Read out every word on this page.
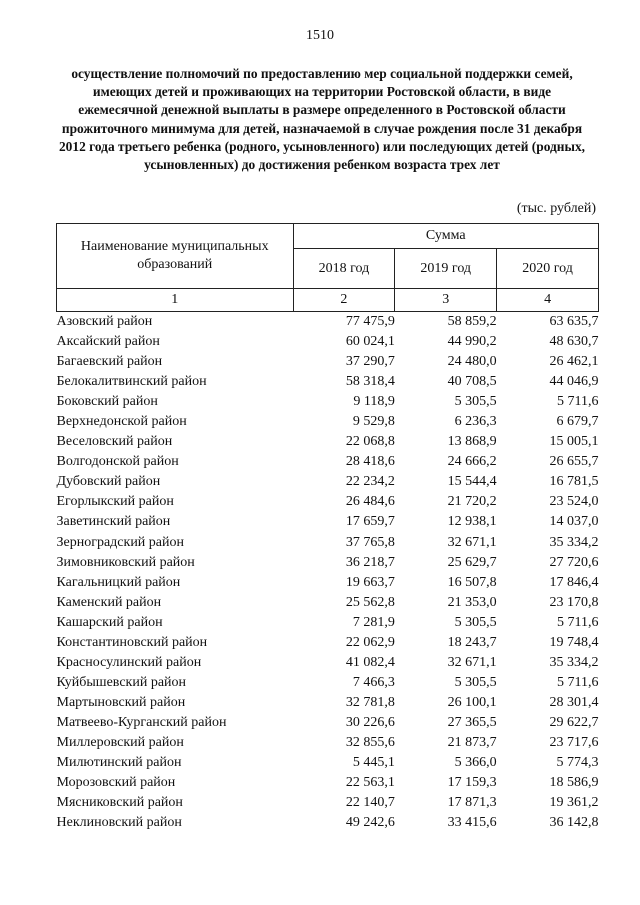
1510
осуществление полномочий по предоставлению мер социальной поддержки семей, имеющих детей и проживающих на территории Ростовской области, в виде ежемесячной денежной выплаты в размере определенного в Ростовской области прожиточного минимума для детей, назначаемой в случае рождения после 31 декабря 2012 года третьего ребенка (родного, усыновленного) или последующих детей (родных, усыновленных) до достижения ребенком возраста трех лет
(тыс. рублей)
Наименование муниципальных образований	Сумма		
	2018 год	2019 год	2020 год
1	2	3	4
Азовский район	77 475,9	58 859,2	63 635,7
Аксайский район	60 024,1	44 990,2	48 630,7
Багаевский район	37 290,7	24 480,0	26 462,1
Белокалитвинский район	58 318,4	40 708,5	44 046,9
Боковский район	9 118,9	5 305,5	5 711,6
Верхнедонской район	9 529,8	6 236,3	6 679,7
Веселовский район	22 068,8	13 868,9	15 005,1
Волгодонской район	28 418,6	24 666,2	26 655,7
Дубовский район	22 234,2	15 544,4	16 781,5
Егорлыкский район	26 484,6	21 720,2	23 524,0
Заветинский район	17 659,7	12 938,1	14 037,0
Зерноградский район	37 765,8	32 671,1	35 334,2
Зимовниковский район	36 218,7	25 629,7	27 720,6
Кагальницкий район	19 663,7	16 507,8	17 846,4
Каменский район	25 562,8	21 353,0	23 170,8
Кашарский район	7 281,9	5 305,5	5 711,6
Константиновский район	22 062,9	18 243,7	19 748,4
Красносулинский район	41 082,4	32 671,1	35 334,2
Куйбышевский район	7 466,3	5 305,5	5 711,6
Мартыновский район	32 781,8	26 100,1	28 301,4
Матвеево-Курганский район	30 226,6	27 365,5	29 622,7
Миллеровский район	32 855,6	21 873,7	23 717,6
Милютинский район	5 445,1	5 366,0	5 774,3
Морозовский район	22 563,1	17 159,3	18 586,9
Мясниковский район	22 140,7	17 871,3	19 361,2
Неклиновский район	49 242,6	33 415,6	36 142,8
